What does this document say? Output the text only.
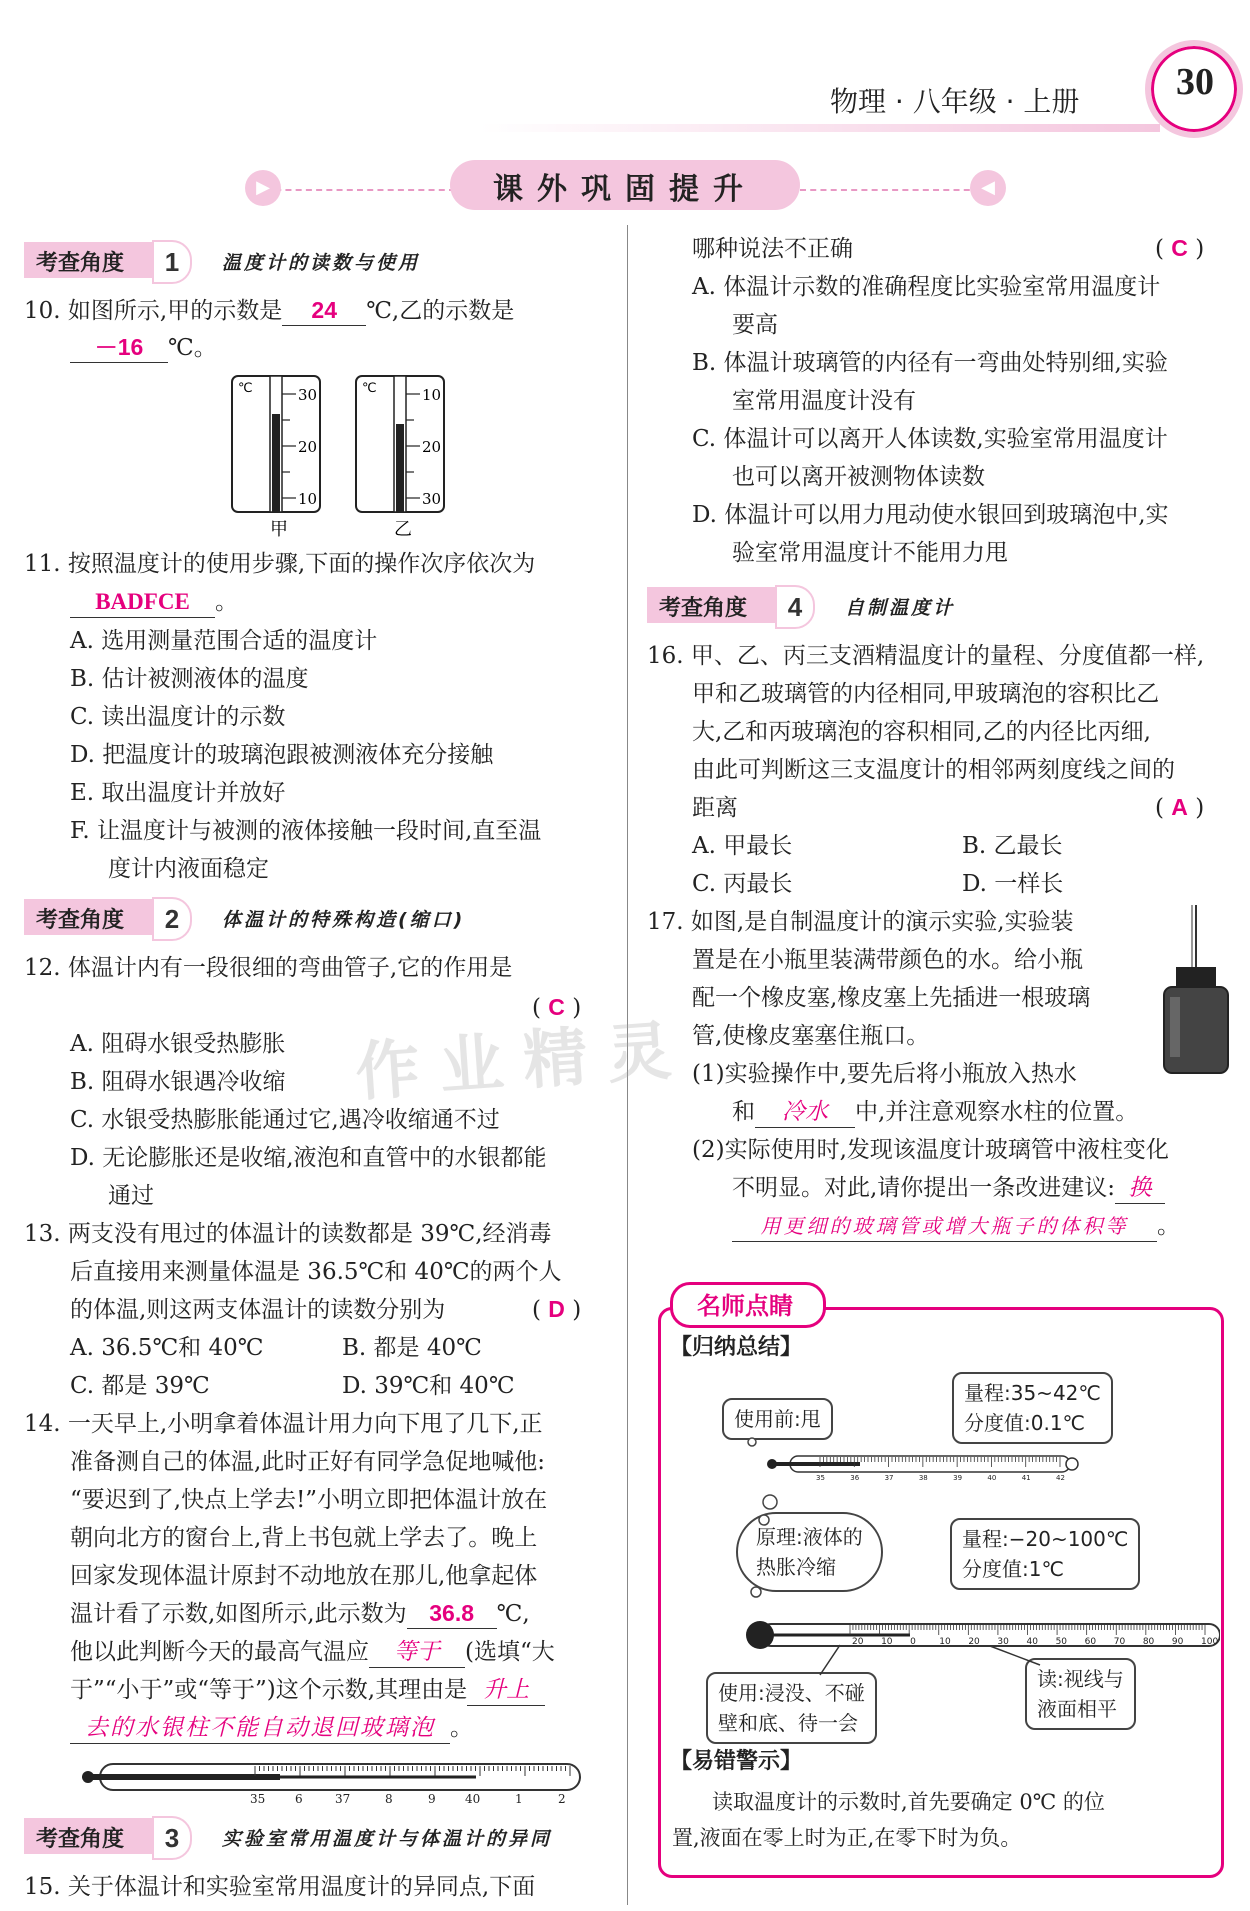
物理 · 八年级 · 上册	30
▶	◀
课外巩固提升
考查角度	1	温度计的读数与使用
10. 如图所示,甲的示数是 24 ℃,乙的示数是
－16 ℃。
℃	30
20
10
甲
℃	10
20
30
乙
11. 按照温度计的使用步骤,下面的操作次序依次为
BADFCE 。
A. 选用测量范围合适的温度计
B. 估计被测液体的温度
C. 读出温度计的示数
D. 把温度计的玻璃泡跟被测液体充分接触
E. 取出温度计并放好
F. 让温度计与被测的液体接触一段时间,直至温
度计内液面稳定
考查角度	2	体温计的特殊构造(缩口)
12. 体温计内有一段很细的弯曲管子,它的作用是
( C )
A. 阻碍水银受热膨胀
B. 阻碍水银遇冷收缩
C. 水银受热膨胀能通过它,遇冷收缩通不过
D. 无论膨胀还是收缩,液泡和直管中的水银都能
通过
13. 两支没有甩过的体温计的读数都是 39℃,经消毒
后直接用来测量体温是 36.5℃和 40℃的两个人
的体温,则这两支体温计的读数分别为	( D )
A. 36.5℃和 40℃	B. 都是 40℃
C. 都是 39℃	D. 39℃和 40℃
14. 一天早上,小明拿着体温计用力向下甩了几下,正
准备测自己的体温,此时正好有同学急促地喊他:
“要迟到了,快点上学去!”小明立即把体温计放在
朝向北方的窗台上,背上书包就上学去了。晚上
回家发现体温计原封不动地放在那儿,他拿起体
温计看了示数,如图所示,此示数为 36.8 ℃,
他以此判断今天的最高气温应 等于 (选填“大
于”“小于”或“等于”)这个示数,其理由是 升上
去的水银柱不能自动退回玻璃泡 。
35 6	37	8	9 40	1	2
考查角度	3	实验室常用温度计与体温计的异同
15. 关于体温计和实验室常用温度计的异同点,下面
哪种说法不正确	( C )
A. 体温计示数的准确程度比实验室常用温度计
要高
B. 体温计玻璃管的内径有一弯曲处特别细,实验
室常用温度计没有
C. 体温计可以离开人体读数,实验室常用温度计
也可以离开被测物体读数
D. 体温计可以用力甩动使水银回到玻璃泡中,实
验室常用温度计不能用力甩
考查角度	4	自制温度计
16. 甲、乙、丙三支酒精温度计的量程、分度值都一样,
甲和乙玻璃管的内径相同,甲玻璃泡的容积比乙
大,乙和丙玻璃泡的容积相同,乙的内径比丙细,
由此可判断这三支温度计的相邻两刻度线之间的
距离	( A )
A. 甲最长	B. 乙最长
C. 丙最长	D. 一样长
17. 如图,是自制温度计的演示实验,实验装
置是在小瓶里装满带颜色的水。给小瓶
配一个橡皮塞,橡皮塞上先插进一根玻璃
管,使橡皮塞塞住瓶口。
(1)实验操作中,要先后将小瓶放入热水
和 冷水 中,并注意观察水柱的位置。
(2)实际使用时,发现该温度计玻璃管中液柱变化
不明显。对此,请你提出一条改进建议: 换
用更细的玻璃管或增大瓶子的体积等 。
名师点睛
【归纳总结】
使用前:甩
量程:35~42℃
分度值:0.1℃
原理:液体的
热胀冷缩
量程:−20~100℃
分度值:1℃
使用:浸没、不碰
壁和底、待一会
读:视线与
液面相平
35	36	37	38	39	40	41	42
20 10 0	10 20 30 40 50 60 70 80 90 100
【易错警示】
读取温度计的示数时,首先要确定 0℃ 的位
置,液面在零上时为正,在零下时为负。
作业精灵
